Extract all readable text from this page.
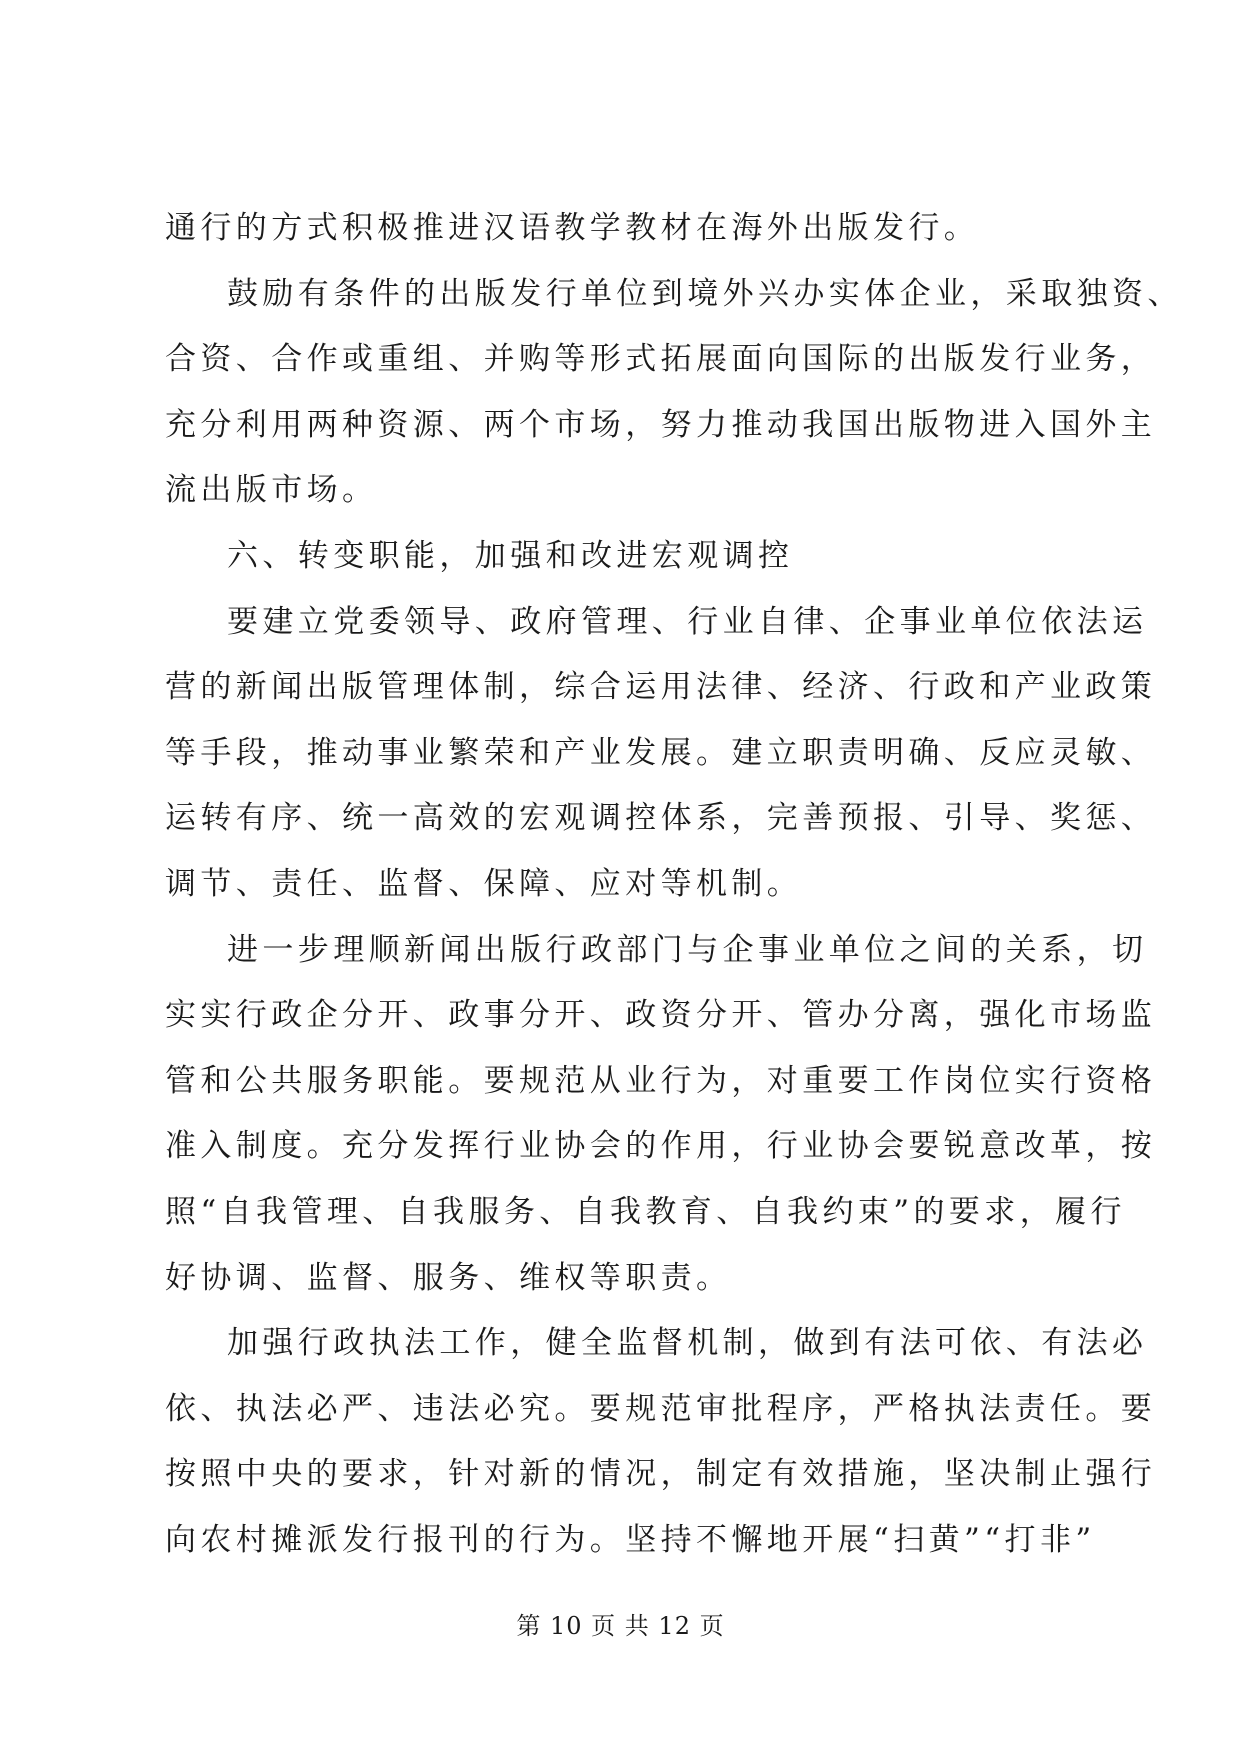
通行的方式积极推进汉语教学教材在海外出版发行。
鼓励有条件的出版发行单位到境外兴办实体企业，采取独资、
合资、合作或重组、并购等形式拓展面向国际的出版发行业务，
充分利用两种资源、两个市场，努力推动我国出版物进入国外主
流出版市场。
六、转变职能，加强和改进宏观调控
要建立党委领导、政府管理、行业自律、企事业单位依法运
营的新闻出版管理体制，综合运用法律、经济、行政和产业政策
等手段，推动事业繁荣和产业发展。建立职责明确、反应灵敏、
运转有序、统一高效的宏观调控体系，完善预报、引导、奖惩、
调节、责任、监督、保障、应对等机制。
进一步理顺新闻出版行政部门与企事业单位之间的关系，切
实实行政企分开、政事分开、政资分开、管办分离，强化市场监
管和公共服务职能。要规范从业行为，对重要工作岗位实行资格
准入制度。充分发挥行业协会的作用，行业协会要锐意改革，按
照“自我管理、自我服务、自我教育、自我约束”的要求，履行
好协调、监督、服务、维权等职责。
加强行政执法工作，健全监督机制，做到有法可依、有法必
依、执法必严、违法必究。要规范审批程序，严格执法责任。要
按照中央的要求，针对新的情况，制定有效措施，坚决制止强行
向农村摊派发行报刊的行为。坚持不懈地开展“扫黄”“打非”
第 10 页 共 12 页
